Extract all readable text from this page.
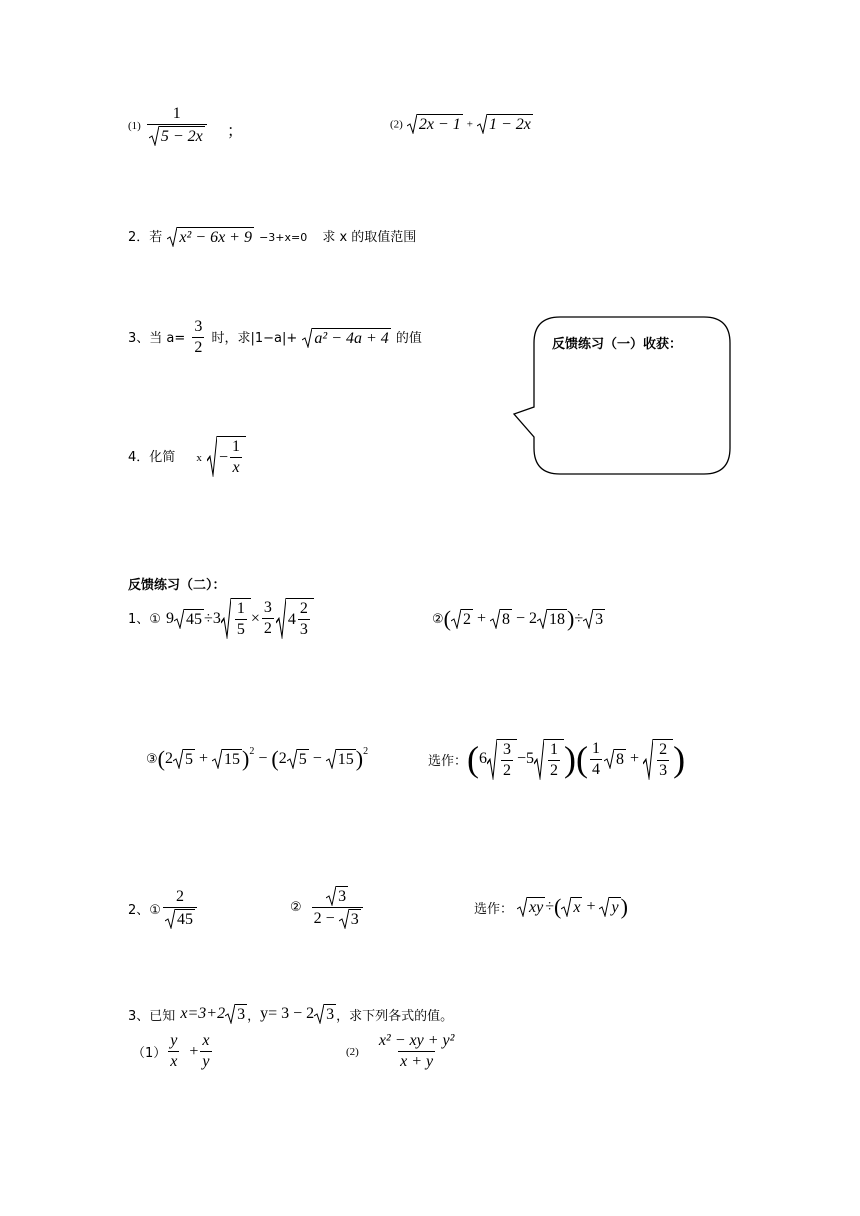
$(1) \frac{1}{5 - 2x}$ ；	(2) 2x − 1 + 1 − 2x
2．若 x² − 6x + 9 −3+x=0 求 x 的取值范围
3、当 $a= \frac{3}{2}$ 时，求|1−a|+ a² − 4a + 4 的值	反馈练习（一）收获：
4．化简 $x - \frac{1}{x}$
反馈练习（二）：
1、① 9 $45 \div 3 \frac{1}{5} \times \frac{3}{2} 4 \frac{2}{3}$	② ( 2 + 8 − 2 18 ) ÷ 3
③ ( 2 5 + 15 )$^2$ − ( 2 5 − 15 )$^2$
选作： ( $6 \frac{3}{2} - 5 \frac{1}{2}$ )( $\frac{1}{4} 8 + \frac{2}{3}$ )
2、① $\frac{2}{45}$	②
3
2 −
3	选作：
xy ÷ ( x + y )
3、已知
x=3+2 3 ， y= 3 − 2 3 ，求下列各式的值。
$(1) \frac{y}{x}$
+ $\frac{x}{y}$	(2)
$\frac{\text{x² − xy + y²}}{x + y}$
